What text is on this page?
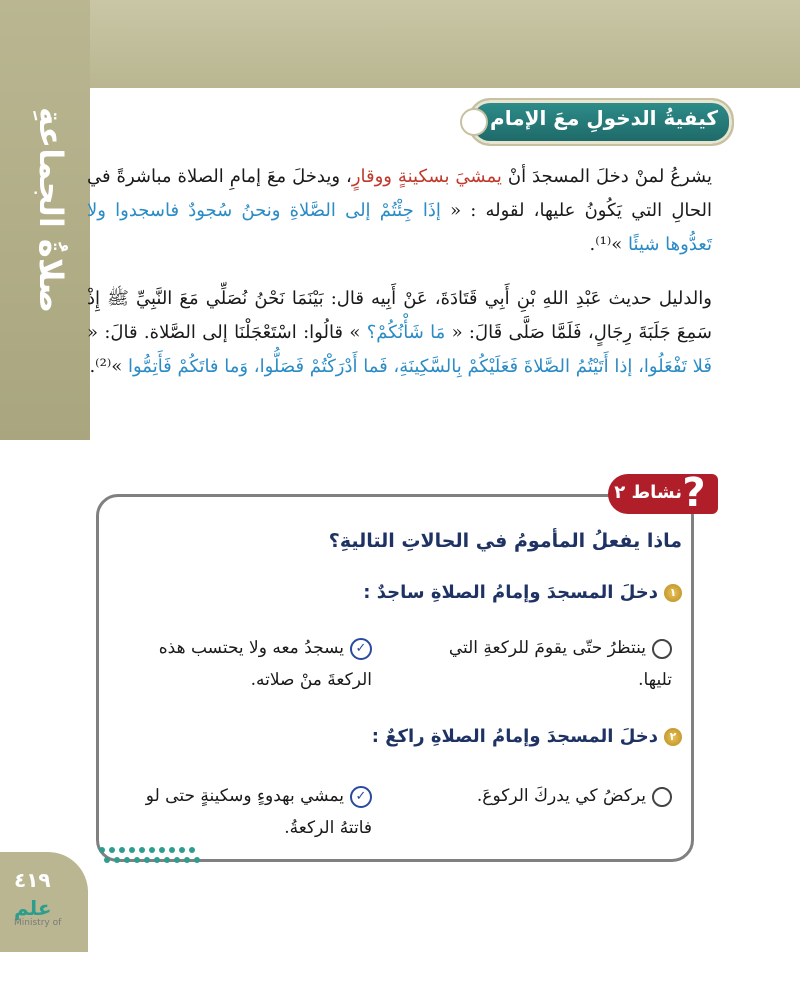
صلاةُ الجماعةِ	كيفيةُ الدخولِ معَ الإمام
يشرعُ لمنْ دخلَ المسجدَ أنْ يمشيَ بسكينةٍ ووقارٍ، ويدخلَ معَ إمامِ الصلاة مباشرةً في الحالِ التي يَكُونُ عليها، لقوله : « إذَا جِئْتُمْ إلى الصَّلاةِ ونحنُ سُجودٌ فاسجدوا ولا تَعدُّوها شيئًا »⁽¹⁾.
والدليل حديث عَبْدِ اللهِ بْنِ أَبِي قَتَادَةَ، عَنْ أَبِيه قال: بَيْنَمَا نَحْنُ نُصَلِّي مَعَ النَّبِيِّ ﷺ إِذْ سَمِعَ جَلَبَةَ رِجَالٍ، فَلَمَّا صَلَّى قَالَ: « مَا شَأْنُكُمْ؟ » قالُوا: اسْتَعْجَلْنَا إلى الصَّلاة. قالَ: « فَلا تَفْعَلُوا، إذا أَتَيْتُمُ الصَّلاةَ فَعَلَيْكُمْ بِالسَّكِينَةِ، فَما أَدْرَكْتُمْ فَصَلُّوا، وَما فاتَكُمْ فَأَتِمُّوا »⁽²⁾.
?
نشاط ٢
ماذا يفعلُ المأمومُ في الحالاتِ التاليةِ؟
١دخلَ المسجدَ وإمامُ الصلاةِ ساجدٌ :
ينتظرُ حتّى يقومَ للركعةِ التي تليها.
✓يسجدُ معه ولا يحتسب هذه الركعةَ منْ صلاته.
٢دخلَ المسجدَ وإمامُ الصلاةِ راكعٌ :
يركضُ كي يدركَ الركوعَ.
✓يمشي بهدوءٍ وسكينةٍ حتى لو فاتتهُ الركعةُ.
٤١٩
علم
Ministry of
